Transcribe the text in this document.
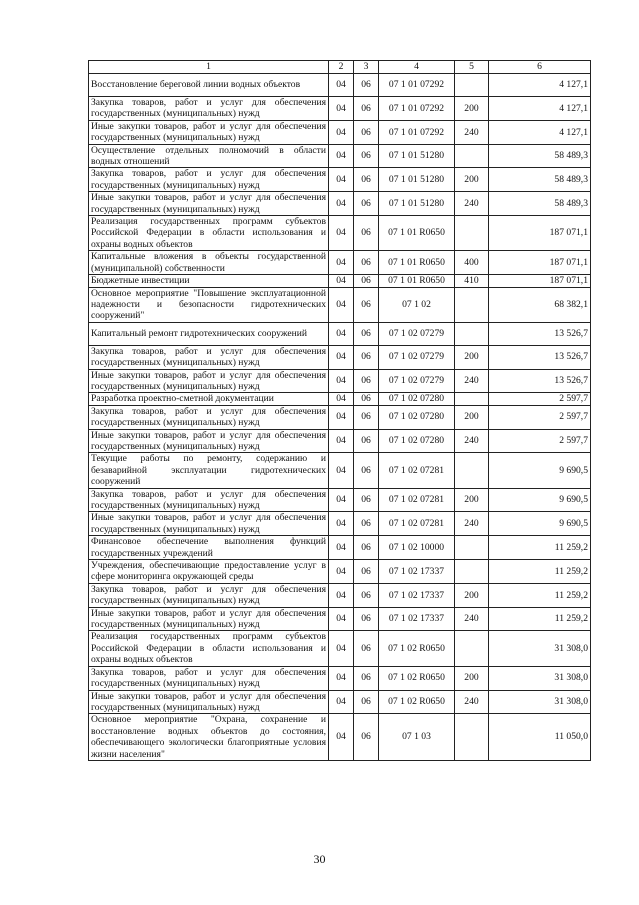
1	2	3	4	5	6
Восстановление береговой линии водных объектов	04	06	07 1 01 07292		4 127,1
Закупка товаров, работ и услуг для обеспечения государственных (муниципальных) нужд	04	06	07 1 01 07292	200	4 127,1
Иные закупки товаров, работ и услуг для обеспечения государственных (муниципальных) нужд	04	06	07 1 01 07292	240	4 127,1
Осуществление отдельных полномочий в области водных отношений	04	06	07 1 01 51280		58 489,3
Закупка товаров, работ и услуг для обеспечения государственных (муниципальных) нужд	04	06	07 1 01 51280	200	58 489,3
Иные закупки товаров, работ и услуг для обеспечения государственных (муниципальных) нужд	04	06	07 1 01 51280	240	58 489,3
Реализация государственных программ субъектов Российской Федерации в области использования и охраны водных объектов	04	06	07 1 01 R0650		187 071,1
Капитальные вложения в объекты государственной (муниципальной) собственности	04	06	07 1 01 R0650	400	187 071,1
Бюджетные инвестиции	04	06	07 1 01 R0650	410	187 071,1
Основное мероприятие "Повышение эксплуатационной надежности и безопасности гидротехнических сооружений"	04	06	07 1 02		68 382,1
Капитальный ремонт гидротехнических сооружений	04	06	07 1 02 07279		13 526,7
Закупка товаров, работ и услуг для обеспечения государственных (муниципальных) нужд	04	06	07 1 02 07279	200	13 526,7
Иные закупки товаров, работ и услуг для обеспечения государственных (муниципальных) нужд	04	06	07 1 02 07279	240	13 526,7
Разработка проектно-сметной документации	04	06	07 1 02 07280		2 597,7
Закупка товаров, работ и услуг для обеспечения государственных (муниципальных) нужд	04	06	07 1 02 07280	200	2 597,7
Иные закупки товаров, работ и услуг для обеспечения государственных (муниципальных) нужд	04	06	07 1 02 07280	240	2 597,7
Текущие работы по ремонту, содержанию и безаварийной эксплуатации гидротехнических сооружений	04	06	07 1 02 07281		9 690,5
Закупка товаров, работ и услуг для обеспечения государственных (муниципальных) нужд	04	06	07 1 02 07281	200	9 690,5
Иные закупки товаров, работ и услуг для обеспечения государственных (муниципальных) нужд	04	06	07 1 02 07281	240	9 690,5
Финансовое обеспечение выполнения функций государственных учреждений	04	06	07 1 02 10000		11 259,2
Учреждения, обеспечивающие предоставление услуг в сфере мониторинга окружающей среды	04	06	07 1 02 17337		11 259,2
Закупка товаров, работ и услуг для обеспечения государственных (муниципальных) нужд	04	06	07 1 02 17337	200	11 259,2
Иные закупки товаров, работ и услуг для обеспечения государственных (муниципальных) нужд	04	06	07 1 02 17337	240	11 259,2
Реализация государственных программ субъектов Российской Федерации в области использования и охраны водных объектов	04	06	07 1 02 R0650		31 308,0
Закупка товаров, работ и услуг для обеспечения государственных (муниципальных) нужд	04	06	07 1 02 R0650	200	31 308,0
Иные закупки товаров, работ и услуг для обеспечения государственных (муниципальных) нужд	04	06	07 1 02 R0650	240	31 308,0
Основное мероприятие "Охрана, сохранение и восстановление водных объектов до состояния, обеспечивающего экологически благоприятные условия жизни населения"	04	06	07 1 03		11 050,0
30
